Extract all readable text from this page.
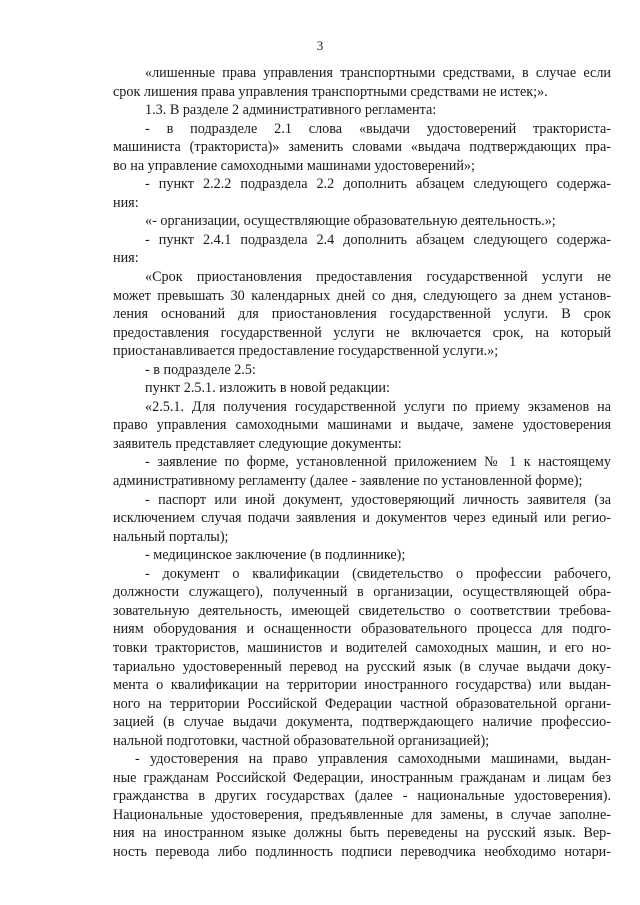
3
«лишенные права управления транспортными средствами, в случае если
срок лишения права управления транспортными средствами не истек;».
1.3. В разделе 2 административного регламента:
- в подразделе 2.1 слова «выдачи удостоверений тракториста-
машиниста (тракториста)» заменить словами «выдача подтверждающих пра-
во на управление самоходными машинами удостоверений»;
- пункт 2.2.2 подраздела 2.2 дополнить абзацем следующего содержа-
ния:
«- организации, осуществляющие образовательную деятельность.»;
- пункт 2.4.1 подраздела 2.4 дополнить абзацем следующего содержа-
ния:
«Срок приостановления предоставления государственной услуги не
может превышать 30 календарных дней со дня, следующего за днем установ-
ления оснований для приостановления государственной услуги. В срок
предоставления государственной услуги не включается срок, на который
приостанавливается предоставление государственной услуги.»;
- в подразделе 2.5:
пункт 2.5.1. изложить в новой редакции:
«2.5.1. Для получения государственной услуги по приему экзаменов на
право управления самоходными машинами и выдаче, замене удостоверения
заявитель представляет следующие документы:
- заявление по форме, установленной приложением № 1 к настоящему
административному регламенту (далее - заявление по установленной форме);
- паспорт или иной документ, удостоверяющий личность заявителя (за
исключением случая подачи заявления и документов через единый или регио-
нальный порталы);
- медицинское заключение (в подлиннике);
- документ о квалификации (свидетельство о профессии рабочего,
должности служащего), полученный в организации, осуществляющей обра-
зовательную деятельность, имеющей свидетельство о соответствии требова-
ниям оборудования и оснащенности образовательного процесса для подго-
товки трактористов, машинистов и водителей самоходных машин, и его но-
тариально удостоверенный перевод на русский язык (в случае выдачи доку-
мента о квалификации на территории иностранного государства) или выдан-
ного на территории Российской Федерации частной образовательной органи-
зацией (в случае выдачи документа, подтверждающего наличие профессио-
нальной подготовки, частной образовательной организацией);
- удостоверения на право управления самоходными машинами, выдан-
ные гражданам Российской Федерации, иностранным гражданам и лицам без
гражданства в других государствах (далее - национальные удостоверения).
Национальные удостоверения, предъявленные для замены, в случае заполне-
ния на иностранном языке должны быть переведены на русский язык. Вер-
ность перевода либо подлинность подписи переводчика необходимо нотари-
